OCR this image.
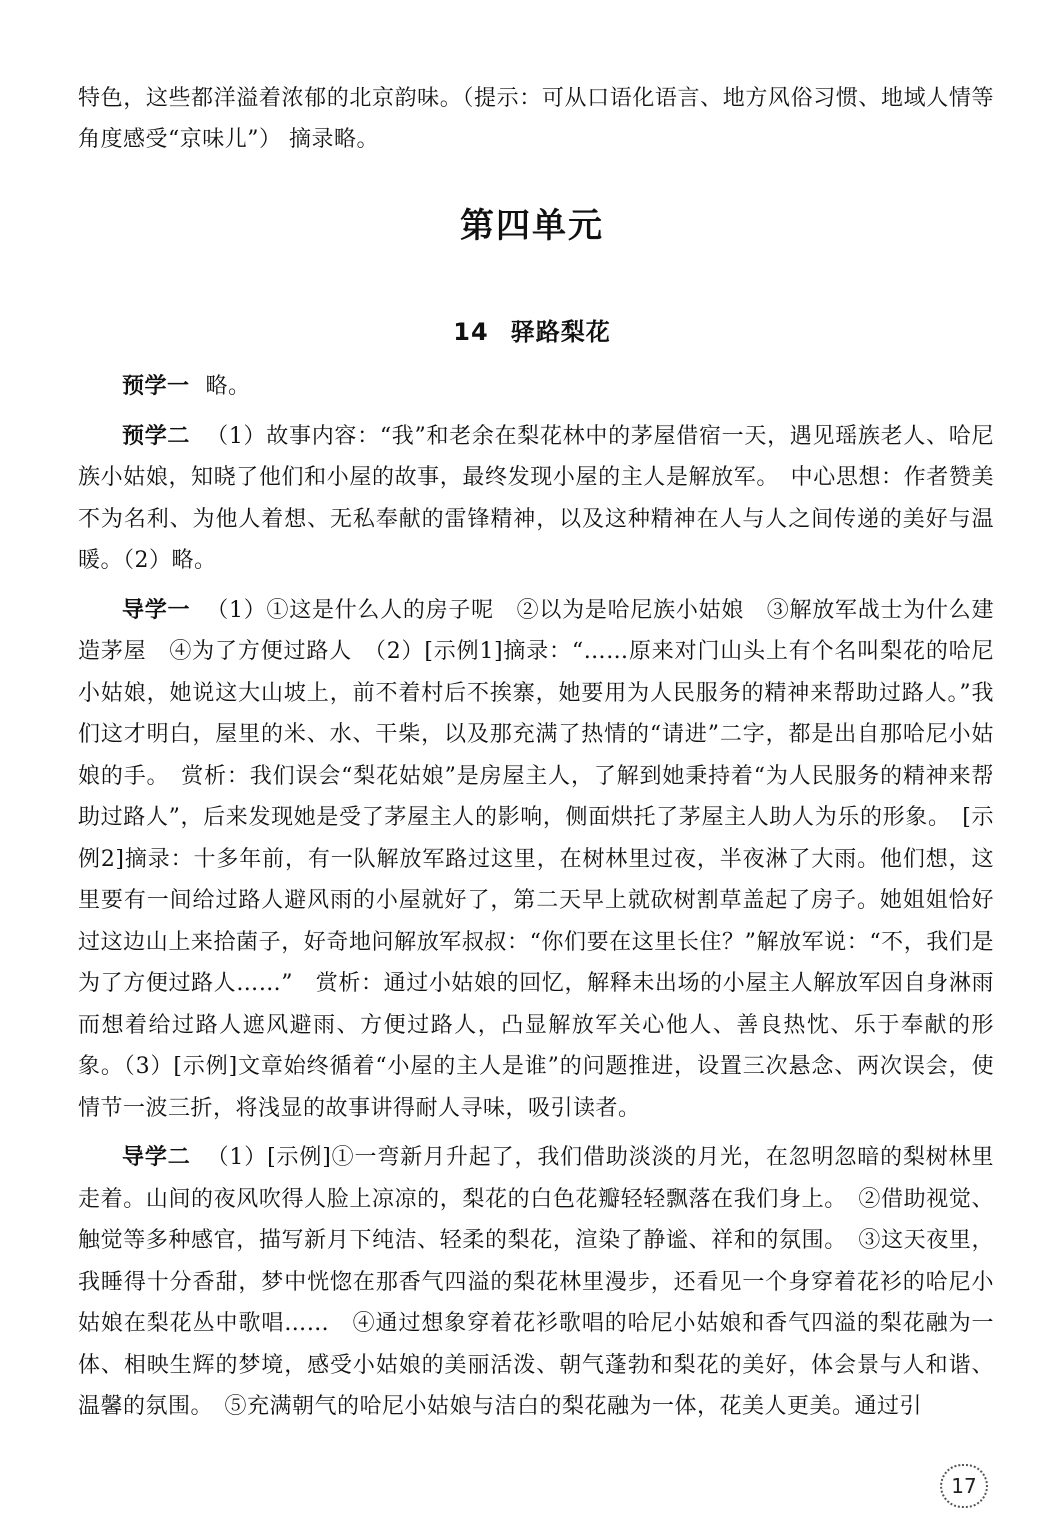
特色，这些都洋溢着浓郁的北京韵味。（提示：可从口语化语言、地方风俗习惯、地域人情等角度感受“京味儿”） 摘录略。
第四单元
14 驿路梨花

预学一 略。

预学二 （1）故事内容：“我”和老余在梨花林中的茅屋借宿一天，遇见瑶族老人、哈尼族小姑娘，知晓了他们和小屋的故事，最终发现小屋的主人是解放军。　中心思想：作者赞美不为名利、为他人着想、无私奉献的雷锋精神，以及这种精神在人与人之间传递的美好与温暖。（2）略。

导学一 （1）①这是什么人的房子呢　②以为是哈尼族小姑娘　③解放军战士为什么建造茅屋　④为了方便过路人　（2）[示例1]摘录：“……原来对门山头上有个名叫梨花的哈尼小姑娘，她说这大山坡上，前不着村后不挨寨，她要用为人民服务的精神来帮助过路人。”我们这才明白，屋里的米、水、干柴，以及那充满了热情的“请进”二字，都是出自那哈尼小姑娘的手。　赏析：我们误会“梨花姑娘”是房屋主人，了解到她秉持着“为人民服务的精神来帮助过路人”，后来发现她是受了茅屋主人的影响，侧面烘托了茅屋主人助人为乐的形象。　[示例2]摘录：十多年前，有一队解放军路过这里，在树林里过夜，半夜淋了大雨。他们想，这里要有一间给过路人避风雨的小屋就好了，第二天早上就砍树割草盖起了房子。她姐姐恰好过这边山上来拾菌子，好奇地问解放军叔叔：“你们要在这里长住？”解放军说：“不，我们是为了方便过路人……”　赏析：通过小姑娘的回忆，解释未出场的小屋主人解放军因自身淋雨而想着给过路人遮风避雨、方便过路人，凸显解放军关心他人、善良热忱、乐于奉献的形象。（3）[示例]文章始终循着“小屋的主人是谁”的问题推进，设置三次悬念、两次误会，使情节一波三折，将浅显的故事讲得耐人寻味，吸引读者。

导学二 （1）[示例]①一弯新月升起了，我们借助淡淡的月光，在忽明忽暗的梨树林里走着。山间的夜风吹得人脸上凉凉的，梨花的白色花瓣轻轻飘落在我们身上。　②借助视觉、触觉等多种感官，描写新月下纯洁、轻柔的梨花，渲染了静谧、祥和的氛围。　③这天夜里，我睡得十分香甜，梦中恍惚在那香气四溢的梨花林里漫步，还看见一个身穿着花衫的哈尼小姑娘在梨花丛中歌唱……　④通过想象穿着花衫歌唱的哈尼小姑娘和香气四溢的梨花融为一体、相映生辉的梦境，感受小姑娘的美丽活泼、朝气蓬勃和梨花的美好，体会景与人和谐、温馨的氛围。　⑤充满朝气的哈尼小姑娘与洁白的梨花融为一体，花美人更美。通过引

17
